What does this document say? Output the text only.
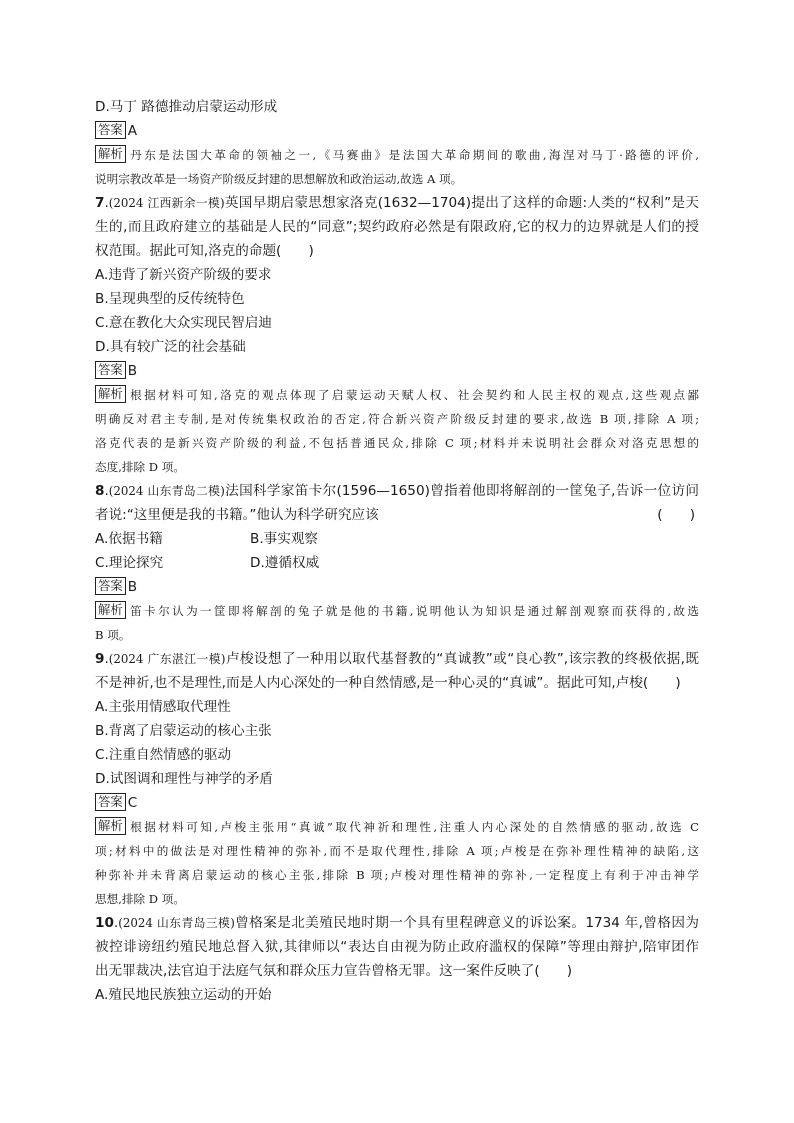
D.马丁 路德推动启蒙运动形成
答案 A
解析 丹东是法国大革命的领袖之一,《马赛曲》是法国大革命期间的歌曲,海涅对马丁·路德的评价,
说明宗教改革是一场资产阶级反封建的思想解放和政治运动,故选 A 项。
7.(2024 江西新余一模)英国早期启蒙思想家洛克(1632—1704)提出了这样的命题:人类的“权利”是天
生的,而且政府建立的基础是人民的“同意”;契约政府必然是有限政府,它的权力的边界就是人们的授
权范围。据此可知,洛克的命题(　　)
A.违背了新兴资产阶级的要求
B.呈现典型的反传统特色
C.意在教化大众实现民智启迪
D.具有较广泛的社会基础
答案 B
解析 根据材料可知,洛克的观点体现了启蒙运动天赋人权、社会契约和人民主权的观点,这些观点鄙
明确反对君主专制,是对传统集权政治的否定,符合新兴资产阶级反封建的要求,故选 B 项,排除 A 项;
洛克代表的是新兴资产阶级的利益,不包括普通民众,排除 C 项;材料并未说明社会群众对洛克思想的
态度,排除 D 项。
8.(2024 山东青岛二模)法国科学家笛卡尔(1596—1650)曾指着他即将解剖的一筐兔子,告诉一位访问
者说:“这里便是我的书籍。”他认为科学研究应该	(　　)
A.依据书籍	B.事实观察
C.理论探究	D.遵循权威
答案 B
解析 笛卡尔认为一筐即将解剖的兔子就是他的书籍,说明他认为知识是通过解剖观察而获得的,故选
B 项。
9.(2024 广东湛江一模)卢梭设想了一种用以取代基督教的“真诚教”或“良心教”,该宗教的终极依据,既
不是神祈,也不是理性,而是人内心深处的一种自然情感,是一种心灵的“真诚”。据此可知,卢梭(　　)
A.主张用情感取代理性
B.背离了启蒙运动的核心主张
C.注重自然情感的驱动
D.试图调和理性与神学的矛盾
答案 C
解析 根据材料可知,卢梭主张用“真诚”取代神祈和理性,注重人内心深处的自然情感的驱动,故选 C
项;材料中的做法是对理性精神的弥补,而不是取代理性,排除 A 项;卢梭是在弥补理性精神的缺陷,这
种弥补并未背离启蒙运动的核心主张,排除 B 项;卢梭对理性精神的弥补,一定程度上有利于冲击神学
思想,排除 D 项。
10.(2024 山东青岛三模)曾格案是北美殖民地时期一个具有里程碑意义的诉讼案。1734 年,曾格因为
被控诽谤纽约殖民地总督入狱,其律师以“表达自由视为防止政府滥权的保障”等理由辩护,陪审团作
出无罪裁决,法官迫于法庭气氛和群众压力宣告曾格无罪。这一案件反映了(　　)
A.殖民地民族独立运动的开始
